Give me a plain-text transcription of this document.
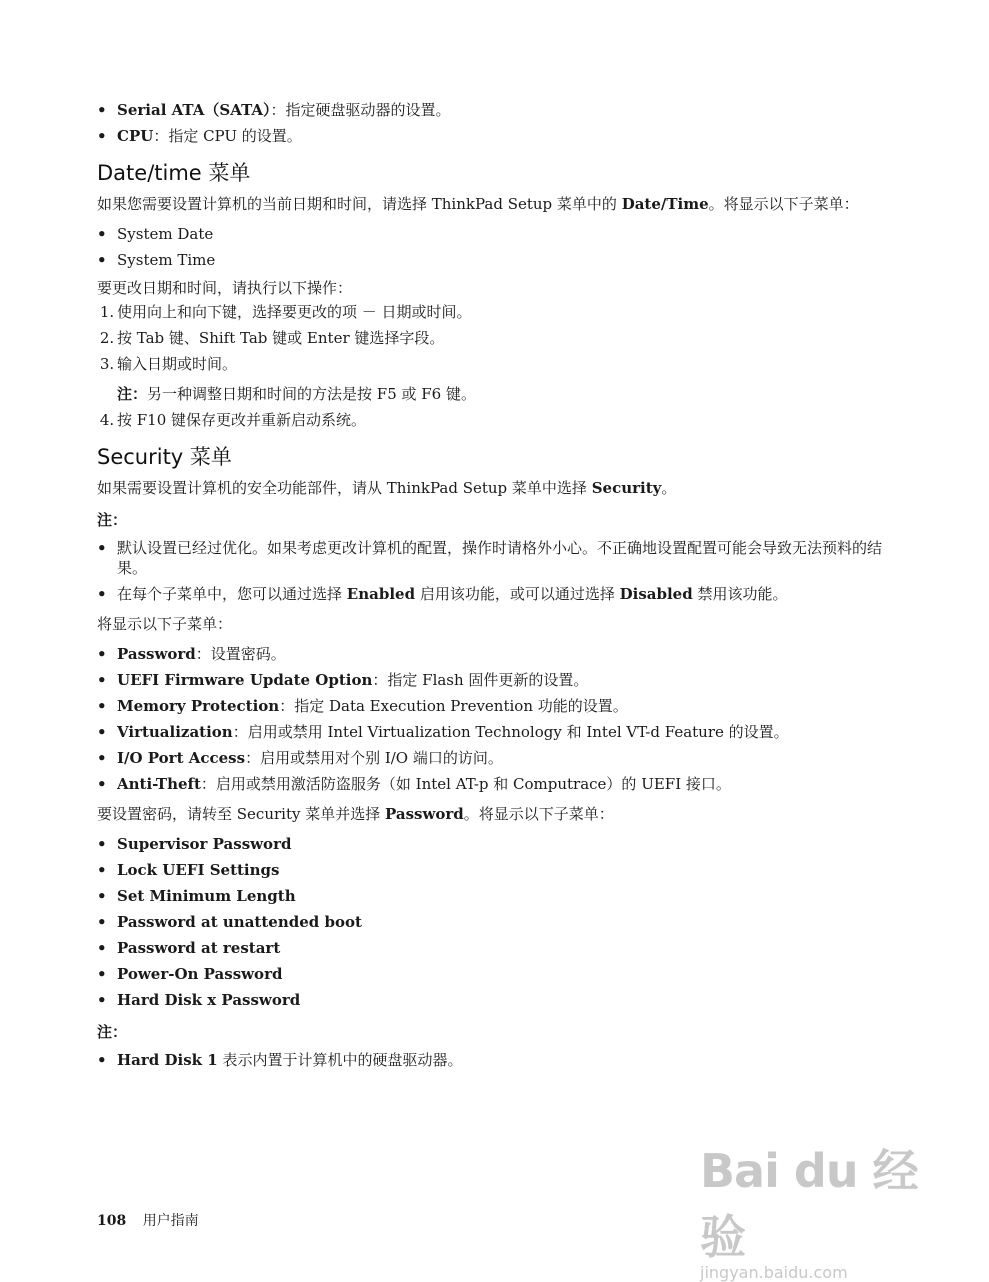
• Serial ATA（SATA）：指定硬盘驱动器的设置。
• CPU：指定 CPU 的设置。
Date/time 菜单

如果您需要设置计算机的当前日期和时间，请选择 ThinkPad Setup 菜单中的 Date/Time。将显示以下子菜单：

• System Date
• System Time

要更改日期和时间，请执行以下操作：

1. 使用向上和向下键，选择要更改的项 － 日期或时间。
2. 按 Tab 键、Shift Tab 键或 Enter 键选择字段。
3. 输入日期或时间。
注：另一种调整日期和时间的方法是按 F5 或 F6 键。
4. 按 F10 键保存更改并重新启动系统。
Security 菜单

如果需要设置计算机的安全功能部件，请从 ThinkPad Setup 菜单中选择 Security。

注：
• 默认设置已经过优化。如果考虑更改计算机的配置，操作时请格外小心。不正确地设置配置可能会导致无法预料的结果。
• 在每个子菜单中，您可以通过选择 Enabled 启用该功能，或可以通过选择 Disabled 禁用该功能。

将显示以下子菜单：

• Password：设置密码。
• UEFI Firmware Update Option：指定 Flash 固件更新的设置。
• Memory Protection：指定 Data Execution Prevention 功能的设置。
• Virtualization：启用或禁用 Intel Virtualization Technology 和 Intel VT-d Feature 的设置。
• I/O Port Access：启用或禁用对个别 I/O 端口的访问。
• Anti-Theft：启用或禁用激活防盗服务（如 Intel AT-p 和 Computrace）的 UEFI 接口。

要设置密码，请转至 Security 菜单并选择 Password。将显示以下子菜单：

• Supervisor Password
• Lock UEFI Settings
• Set Minimum Length
• Password at unattended boot
• Password at restart
• Power-On Password
• Hard Disk x Password
注：
• Hard Disk 1 表示内置于计算机中的硬盘驱动器。
108 用户指南
Bai du 经验
jingyan.baidu.com
